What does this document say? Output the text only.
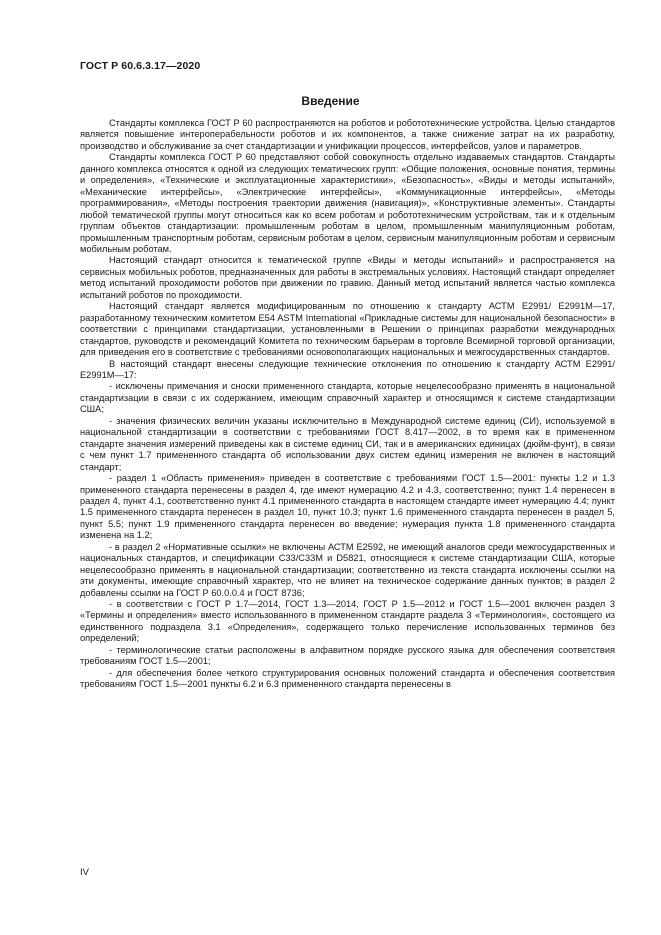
ГОСТ Р 60.6.3.17—2020
Введение

Стандарты комплекса ГОСТ Р 60 распространяются на роботов и робототехнические устройства. Целью стандартов является повышение интероперабельности роботов и их компонентов, а также снижение затрат на их разработку, производство и обслуживание за счет стандартизации и унификации процессов, интерфейсов, узлов и параметров.

Стандарты комплекса ГОСТ Р 60 представляют собой совокупность отдельно издаваемых стандартов. Стандарты данного комплекса относятся к одной из следующих тематических групп: «Общие положения, основные понятия, термины и определения», «Технические и эксплуатационные характеристики», «Безопасность», «Виды и методы испытаний», «Механические интерфейсы», «Электрические интерфейсы», «Коммуникационные интерфейсы», «Методы программирования», «Методы построения траектории движения (навигация)», «Конструктивные элементы». Стандарты любой тематической группы могут относиться как ко всем роботам и робототехническим устройствам, так и к отдельным группам объектов стандартизации: промышленным роботам в целом, промышленным манипуляционным роботам, промышленным транспортным роботам, сервисным роботам в целом, сервисным манипуляционным роботам и сервисным мобильным роботам.

Настоящий стандарт относится к тематической группе «Виды и методы испытаний» и распространяется на сервисных мобильных роботов, предназначенных для работы в экстремальных условиях. Настоящий стандарт определяет метод испытаний проходимости роботов при движении по гравию. Данный метод испытаний является частью комплекса испытаний роботов по проходимости.

Настоящий стандарт является модифицированным по отношению к стандарту АСТМ Е2991/ Е2991М—17, разработанному техническим комитетом E54 ASTM International «Прикладные системы для национальной безопасности» в соответствии с принципами стандартизации, установленными в Решении о принципах разработки международных стандартов, руководств и рекомендаций Комитета по техническим барьерам в торговле Всемирной торговой организации, для приведения его в соответствие с требованиями основополагающих национальных и межгосударственных стандартов.

В настоящий стандарт внесены следующие технические отклонения по отношению к стандарту АСТМ Е2991/Е2991М—17:

- исключены примечания и сноски примененного стандарта, которые нецелесообразно применять в национальной стандартизации в связи с их содержанием, имеющим справочный характер и относящимся к системе стандартизации США;

- значения физических величин указаны исключительно в Международной системе единиц (СИ), используемой в национальной стандартизации в соответствии с требованиями ГОСТ 8.417—2002, в то время как в примененном стандарте значения измерений приведены как в системе единиц СИ, так и в американских единицах (дюйм-фунт), в связи с чем пункт 1.7 примененного стандарта об использовании двух систем единиц измерения не включен в настоящий стандарт;

- раздел 1 «Область применения» приведен в соответствие с требованиями ГОСТ 1.5—2001: пункты 1.2 и 1.3 примененного стандарта перенесены в раздел 4, где имеют нумерацию 4.2 и 4.3, соответственно; пункт 1.4 перенесен в раздел 4, пункт 4.1, соответственно пункт 4.1 примененного стандарта в настоящем стандарте имеет нумерацию 4.4; пункт 1.5 примененного стандарта перенесен в раздел 10, пункт 10.3; пункт 1.6 примененного стандарта перенесен в раздел 5, пункт 5.5; пункт 1.9 примененного стандарта перенесен во введение; нумерация пункта 1.8 примененного стандарта изменена на 1.2;

- в раздел 2 «Нормативные ссылки» не включены АСТМ Е2592, не имеющий аналогов среди межгосударственных и национальных стандартов, и спецификации С33/С33М и D5821, относящиеся к системе стандартизации США, которые нецелесообразно применять в национальной стандартизации; соответственно из текста стандарта исключены ссылки на эти документы, имеющие справочный характер, что не влияет на техническое содержание данных пунктов; в раздел 2 добавлены ссылки на ГОСТ Р 60.0.0.4 и ГОСТ 8736;

- в соответствии с ГОСТ Р 1.7—2014, ГОСТ 1.3—2014, ГОСТ Р 1.5—2012 и ГОСТ 1.5—2001 включен раздел 3 «Термины и определения» вместо использованного в примененном стандарте раздела 3 «Терминология», состоящего из единственного подраздела 3.1 «Определения», содержащего только перечисление использованных терминов без определений;

- терминологические статьи расположены в алфавитном порядке русского языка для обеспечения соответствия требованиям ГОСТ 1.5—2001;

- для обеспечения более четкого структурирования основных положений стандарта и обеспечения соответствия требованиям ГОСТ 1.5—2001 пункты 6.2 и 6.3 примененного стандарта перенесены в

IV
